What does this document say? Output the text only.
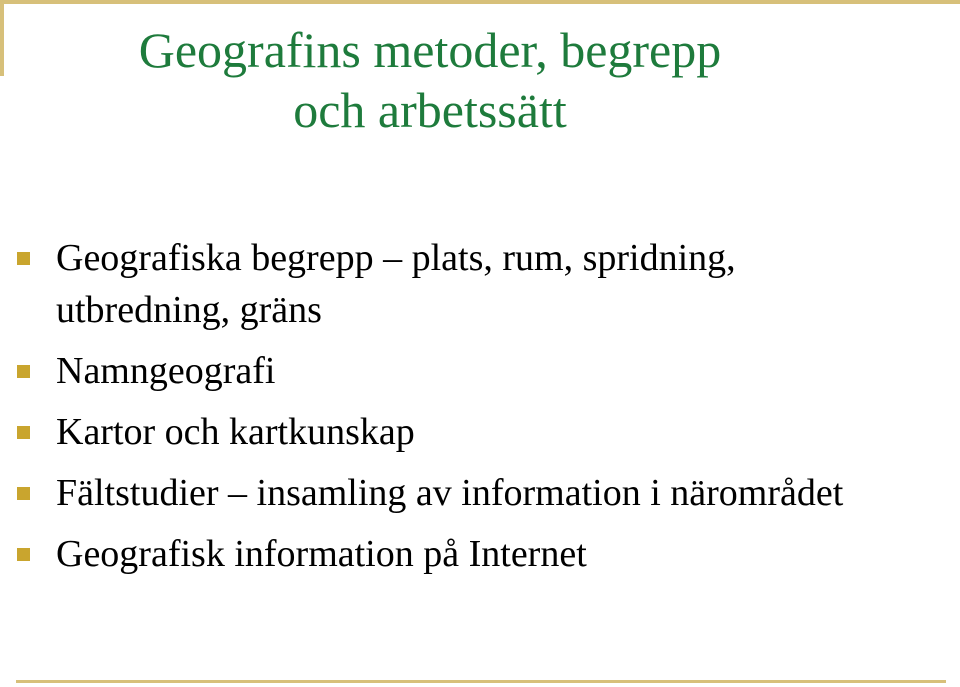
Geografins metoder, begrepp
och arbetssätt
Geografiska begrepp – plats, rum, spridning,
utbredning, gräns
Namngeografi
Kartor och kartkunskap
Fältstudier – insamling av information i närområdet
Geografisk information på Internet
